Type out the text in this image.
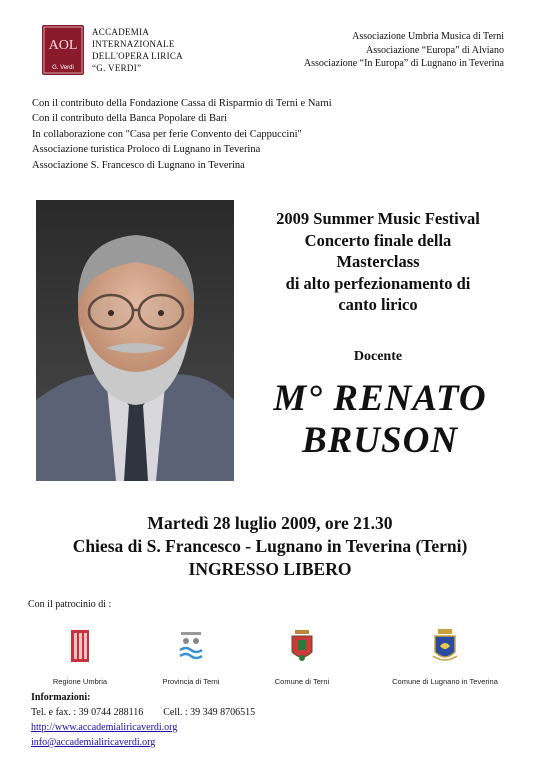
AOL
G. Verdi
ACCADEMIA
INTERNAZIONALE
DELL'OPERA LIRICA
“G. VERDI”
Associazione Umbria Musica di Terni
Associazione “Europa” di Alviano
Associazione “In Europa” di Lugnano in Teverina
Con il contributo della Fondazione Cassa di Risparmio di Terni e Narni
Con il contributo della Banca Popolare di Bari
In collaborazione con "Casa per ferie Convento dei Cappuccini"
Associazione turistica Proloco di Lugnano in Teverina
Associazione S. Francesco di Lugnano in Teverina
2009 Summer Music Festival
Concerto finale della
Masterclass
di alto perfezionamento di
canto lirico
Docente
M° RENATO
BRUSON
Martedì 28 luglio 2009, ore 21.30
Chiesa di S. Francesco - Lugnano in Teverina (Terni)
INGRESSO LIBERO
Con il patrocinio di :
Regione Umbria	Provincia di Terni	Comune di Terni	Comune di Lugnano in Teverina
Informazioni:
Tel. e fax. : 39 0744 288116        Cell. : 39 349 8706515
http://www.accademialiricaverdi.org
info@accademialiricaverdi.org
